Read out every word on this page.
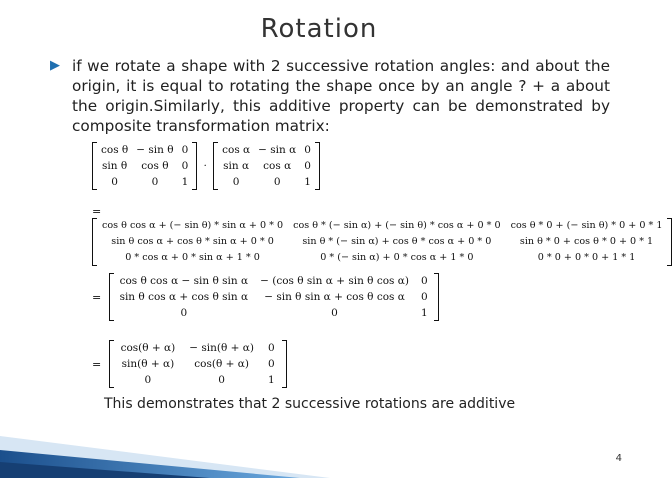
Rotation
▶ if we rotate a shape with 2 successive rotation angles: and about the origin, it is equal to rotating the shape once by an angle ? + a about the origin.Similarly, this additive property can be demonstrated by composite transformation matrix:
cos θ	− sin θ	0
sin θ	cos θ	0
0	0	1
·
cos α	− sin α	0
sin α	cos α	0
0	0	1
=
cos θ cos α + (− sin θ) * sin α + 0 * 0	cos θ * (− sin α) + (− sin θ) * cos α + 0 * 0	cos θ * 0 + (− sin θ) * 0 + 0 * 1
sin θ cos α + cos θ * sin α + 0 * 0	sin θ * (− sin α) + cos θ * cos α + 0 * 0	sin θ * 0 + cos θ * 0 + 0 * 1
0 * cos α + 0 * sin α + 1 * 0	0 * (− sin α) + 0 * cos α + 1 * 0	0 * 0 + 0 * 0 + 1 * 1
=
cos θ cos α − sin θ sin α	− (cos θ sin α + sin θ cos α)	0
sin θ cos α + cos θ sin α	− sin θ sin α + cos θ cos α	0
0	0	1
=
cos(θ + α)	− sin(θ + α)	0
sin(θ + α)	cos(θ + α)	0
0	0	1
This demonstrates that 2 successive rotations are additive
4
